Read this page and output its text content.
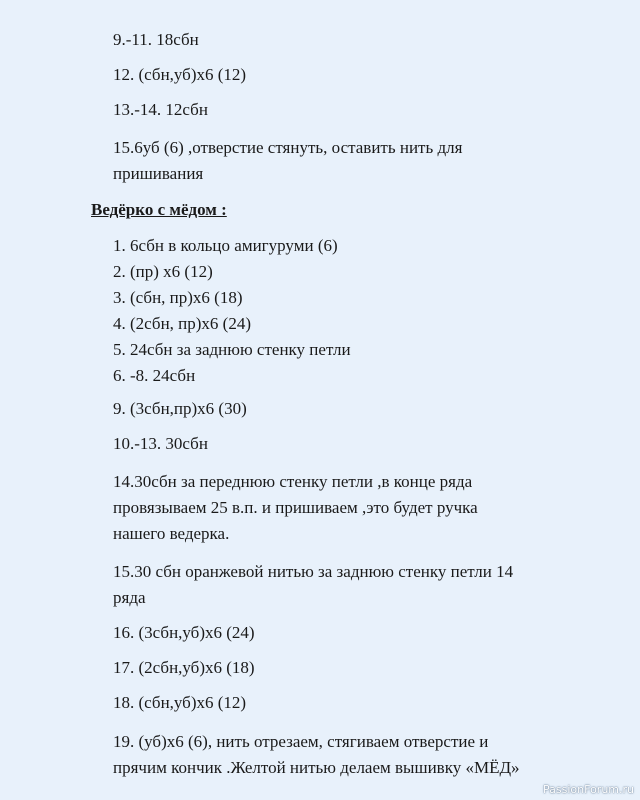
9.-11. 18сбн
12. (сбн,уб)х6 (12)
13.-14. 12сбн
15.6уб (6) ,отверстие стянуть, оставить нить для
пришивания
Ведёрко с мёдом :
1. 6сбн в кольцо амигуруми (6)
2. (пр) х6 (12)
3. (сбн, пр)х6 (18)
4. (2сбн, пр)х6 (24)
5. 24сбн за заднюю стенку петли
6. -8. 24сбн
9. (3сбн,пр)х6 (30)
10.-13. 30сбн
14.30сбн за переднюю стенку петли ,в конце ряда
провязываем 25 в.п. и пришиваем ,это будет ручка
нашего ведерка.
15.30 сбн оранжевой нитью за заднюю стенку петли 14
ряда
16. (3сбн,уб)х6 (24)
17. (2сбн,уб)х6 (18)
18. (сбн,уб)х6 (12)
19. (уб)х6 (6), нить отрезаем, стягиваем отверстие и
прячим кончик .Желтой нитью делаем вышивку «МЁД»
PassionForum.ru
